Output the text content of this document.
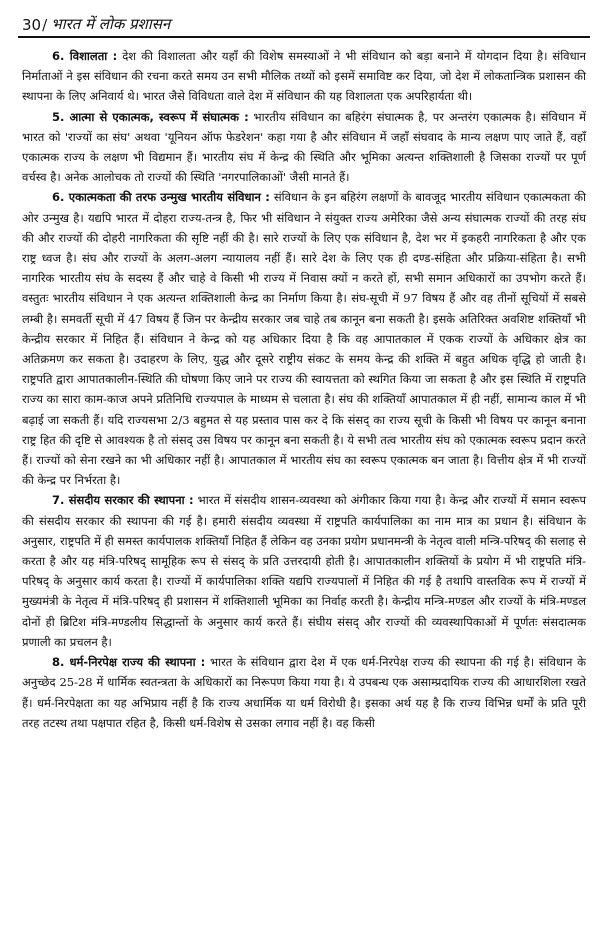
30 / भारत में लोक प्रशासन

6. विशालता : देश की विशालता और यहाँ की विशेष समस्याओं ने भी संविधान को बड़ा बनाने में योगदान दिया है। संविधान निर्माताओं ने इस संविधान की रचना करते समय उन सभी मौलिक तथ्यों को इसमें समाविष्ट कर दिया, जो देश में लोकतान्त्रिक प्रशासन की स्थापना के लिए अनिवार्य थे। भारत जैसे विविधता वाले देश में संविधान की यह विशालता एक अपरिहार्यता थी।

5. आत्मा से एकात्मक, स्वरूप में संघात्मक : भारतीय संविधान का बहिरंग संघात्मक है, पर अन्तरंग एकात्मक है। संविधान में भारत को 'राज्यों का संघ' अथवा 'यूनियन ऑफ फेडरेशन' कहा गया है और संविधान में जहाँ संघवाद के मान्य लक्षण पाए जाते हैं, वहाँ एकात्मक राज्य के लक्षण भी विद्यमान हैं। भारतीय संघ में केन्द्र की स्थिति और भूमिका अत्यन्त शक्तिशाली है जिसका राज्यों पर पूर्ण वर्चस्व है। अनेक आलोचक तो राज्यों की स्थिति 'नगरपालिकाओं' जैसी मानते हैं।

6. एकात्मकता की तरफ उन्मुख भारतीय संविधान : संविधान के इन बहिरंग लक्षणों के बावजूद भारतीय संविधान एकात्मकता की ओर उन्मुख है। यद्यपि भारत में दोहरा राज्य-तन्त्र है, फिर भी संविधान ने संयुक्त राज्य अमेरिका जैसे अन्य संघात्मक राज्यों की तरह संघ की और राज्यों की दोहरी नागरिकता की सृष्टि नहीं की है। सारे राज्यों के लिए एक संविधान है, देश भर में इकहरी नागरिकता है और एक राष्ट्र ध्वज है। संघ और राज्यों के अलग-अलग न्यायालय नहीं हैं। सारे देश के लिए एक ही दण्ड-संहिता और प्रक्रिया-संहिता है। सभी नागरिक भारतीय संघ के सदस्य हैं और चाहे वे किसी भी राज्य में निवास क्यों न करते हों, सभी समान अधिकारों का उपभोग करते हैं। वस्तुतः भारतीय संविधान ने एक अत्यन्त शक्तिशाली केन्द्र का निर्माण किया है। संघ-सूची में 97 विषय हैं और वह तीनों सूचियों में सबसे लम्बी है। समवर्ती सूची में 47 विषय हैं जिन पर केन्द्रीय सरकार जब चाहे तब कानून बना सकती है। इसके अतिरिक्त अवशिष्ट शक्तियाँ भी केन्द्रीय सरकार में निहित हैं। संविधान ने केन्द्र को यह अधिकार दिया है कि वह आपातकाल में एकक राज्यों के अधिकार क्षेत्र का अतिक्रमण कर सकता है। उदाहरण के लिए, युद्ध और दूसरे राष्ट्रीय संकट के समय केन्द्र की शक्ति में बहुत अधिक वृद्धि हो जाती है। राष्ट्रपति द्वारा आपातकालीन-स्थिति की घोषणा किए जाने पर राज्य की स्वायत्तता को स्थगित किया जा सकता है और इस स्थिति में राष्ट्रपति राज्य का सारा काम-काज अपने प्रतिनिधि राज्यपाल के माध्यम से चलाता है। संघ की शक्तियाँ आपातकाल में ही नहीं, सामान्य काल में भी बढ़ाई जा सकती हैं। यदि राज्यसभा 2/3 बहुमत से यह प्रस्ताव पास कर दे कि संसद् का राज्य सूची के किसी भी विषय पर कानून बनाना राष्ट्र हित की दृष्टि से आवश्यक है तो संसद् उस विषय पर कानून बना सकती है। ये सभी तत्व भारतीय संघ को एकात्मक स्वरूप प्रदान करते हैं। राज्यों को सेना रखने का भी अधिकार नहीं है। आपातकाल में भारतीय संघ का स्वरूप एकात्मक बन जाता है। वित्तीय क्षेत्र में भी राज्यों की केन्द्र पर निर्भरता है।

7. संसदीय सरकार की स्थापना : भारत में संसदीय शासन-व्यवस्था को अंगीकार किया गया है। केन्द्र और राज्यों में समान स्वरूप की संसदीय सरकार की स्थापना की गई है। हमारी संसदीय व्यवस्था में राष्ट्रपति कार्यपालिका का नाम मात्र का प्रधान है। संविधान के अनुसार, राष्ट्रपति में ही समस्त कार्यपालक शक्तियाँ निहित हैं लेकिन वह उनका प्रयोग प्रधानमन्त्री के नेतृत्व वाली मन्त्रि-परिषद् की सलाह से करता है और यह मंत्रि-परिषद् सामूहिक रूप से संसद् के प्रति उत्तरदायी होती है। आपातकालीन शक्तियों के प्रयोग में भी राष्ट्रपति मंत्रि-परिषद् के अनुसार कार्य करता है। राज्यों में कार्यपालिका शक्ति यद्यपि राज्यपालों में निहित की गई है तथापि वास्तविक रूप में राज्यों में मुख्यमंत्री के नेतृत्व में मंत्रि-परिषद् ही प्रशासन में शक्तिशाली भूमिका का निर्वाह करती है। केन्द्रीय मन्त्रि-मण्डल और राज्यों के मंत्रि-मण्डल दोनों ही ब्रिटिश मंत्रि-मण्डलीय सिद्धान्तों के अनुसार कार्य करते हैं। संघीय संसद् और राज्यों की व्यवस्थापिकाओं में पूर्णतः संसदात्मक प्रणाली का प्रचलन है।

8. धर्म-निरपेक्ष राज्य की स्थापना : भारत के संविधान द्वारा देश में एक धर्म-निरपेक्ष राज्य की स्थापना की गई है। संविधान के अनुच्छेद 25-28 में धार्मिक स्वतन्त्रता के अधिकारों का निरूपण किया गया है। ये उपबन्ध एक असाम्प्रदायिक राज्य की आधारशिला रखते हैं। धर्म-निरपेक्षता का यह अभिप्राय नहीं है कि राज्य अधार्मिक या धर्म विरोधी है। इसका अर्थ यह है कि राज्य विभिन्न धर्मों के प्रति पूरी तरह तटस्थ तथा पक्षपात रहित है, किसी धर्म-विशेष से उसका लगाव नहीं है। वह किसी
